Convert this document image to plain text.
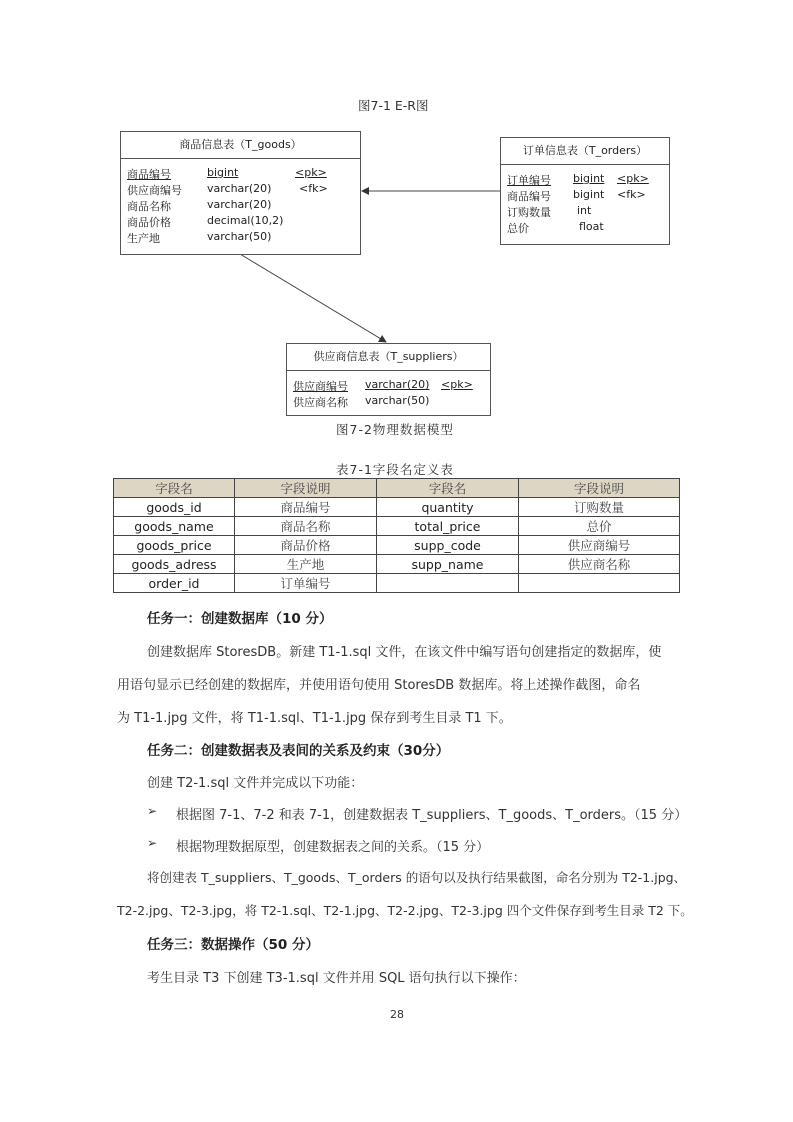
图7-1 E-R图
商品信息表（T_goods）
商品编号	bigint	<pk>
供应商编号 varchar(20)	<fk>
商品名称	varchar(20)
商品价格	decimal(10,2)
生产地	varchar(50)
订单信息表（T_orders）
订单编号 bigint <pk>
商品编号 bigint <fk>
订购数量 int
总价	float
供应商信息表（T_suppliers）
供应商编号 varchar(20) <pk>
供应商名称 varchar(50)
图7-2物理数据模型
表7-1字段名定义表
字段名	字段说明	字段名	字段说明
goods_id	商品编号	quantity	订购数量
goods_name	商品名称	total_price	总价
goods_price	商品价格	supp_code	供应商编号
goods_adress	生产地	supp_name	供应商名称
order_id	订单编号		
任务一：创建数据库（10 分）
创建数据库 StoresDB。新建 T1-1.sql 文件，在该文件中编写语句创建指定的数据库，使
用语句显示已经创建的数据库，并使用语句使用 StoresDB 数据库。将上述操作截图，命名
为 T1-1.jpg 文件，将 T1-1.sql、T1-1.jpg 保存到考生目录 T1 下。
任务二：创建数据表及表间的关系及约束（30分）
创建 T2-1.sql 文件并完成以下功能：
➢ 根据图 7-1、7-2 和表 7-1，创建数据表 T_suppliers、T_goods、T_orders。（15 分）
➢ 根据物理数据原型，创建数据表之间的关系。（15 分）
将创建表 T_suppliers、T_goods、T_orders 的语句以及执行结果截图，命名分别为 T2-1.jpg、
T2-2.jpg、T2-3.jpg，将 T2-1.sql、T2-1.jpg、T2-2.jpg、T2-3.jpg 四个文件保存到考生目录 T2 下。
任务三：数据操作（50 分）
考生目录 T3 下创建 T3-1.sql 文件并用 SQL 语句执行以下操作：
28
